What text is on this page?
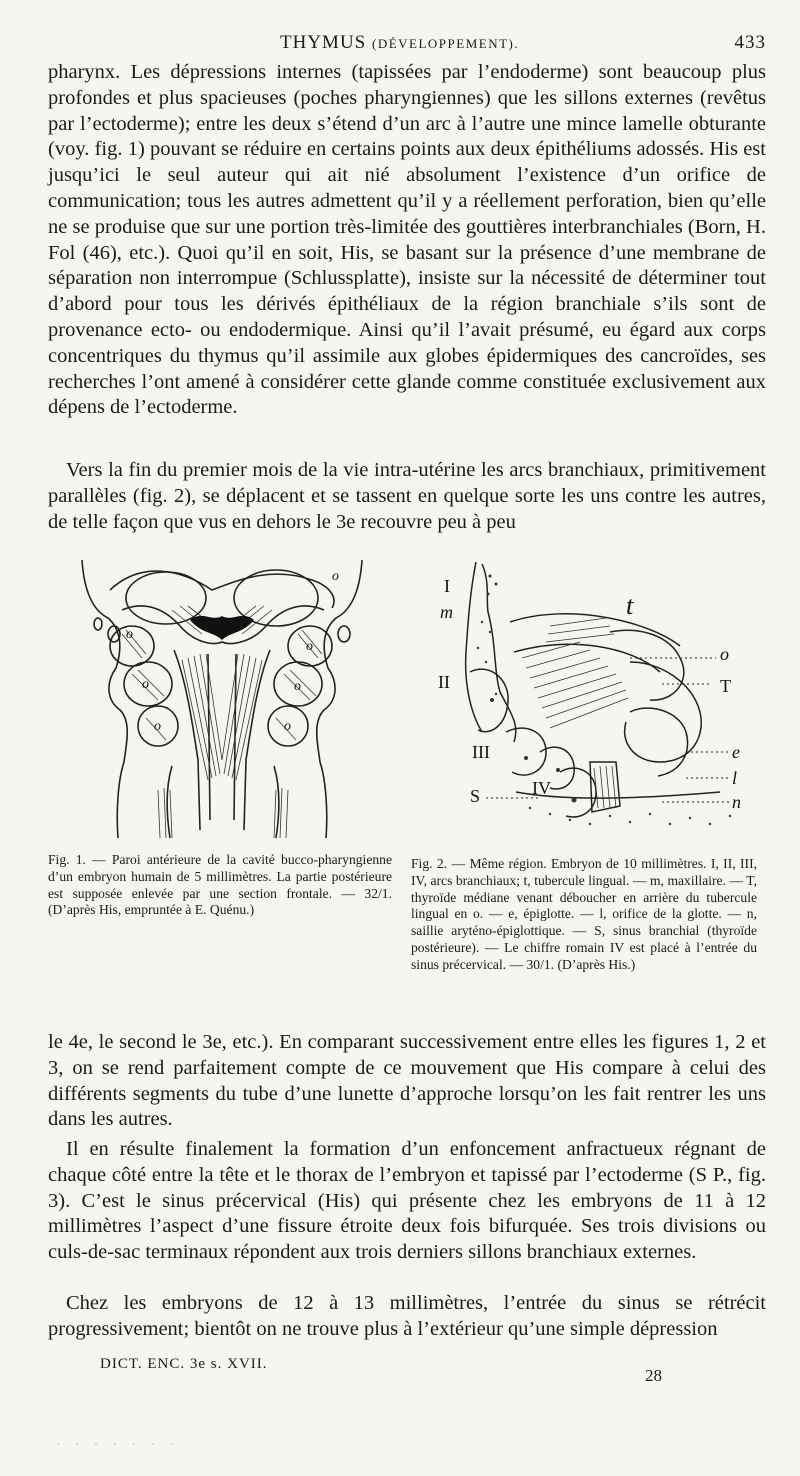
THYMUS (DÉVELOPPEMENT).	433

pharynx. Les dépressions internes (tapissées par l’endoderme) sont beaucoup plus profondes et plus spacieuses (poches pharyngiennes) que les sillons externes (revêtus par l’ectoderme); entre les deux s’étend d’un arc à l’autre une mince lamelle obturante (voy. fig. 1) pouvant se réduire en certains points aux deux épithéliums adossés. His est jusqu’ici le seul auteur qui ait nié absolument l’existence d’un orifice de communication; tous les autres admettent qu’il y a réellement perforation, bien qu’elle ne se produise que sur une portion très-limitée des gouttières interbranchiales (Born, H. Fol (46), etc.). Quoi qu’il en soit, His, se basant sur la présence d’une membrane de séparation non interrompue (Schlussplatte), insiste sur la nécessité de déterminer tout d’abord pour tous les dérivés épithéliaux de la région branchiale s’ils sont de provenance ecto- ou endodermique. Ainsi qu’il l’avait présumé, eu égard aux corps concentriques du thymus qu’il assimile aux globes épidermiques des cancroïdes, ses recherches l’ont amené à considérer cette glande comme constituée exclusivement aux dépens de l’ectoderme.

Vers la fin du premier mois de la vie intra-utérine les arcs branchiaux, primitivement parallèles (fig. 2), se déplacent et se tassent en quelque sorte les uns contre les autres, de telle façon que vus en dehors le 3e recouvre peu à peu

o
o
o	o
o	o
o	I
II
III
IV
S
T
m	t
o
e
l
n
Fig. 1. — Paroi antérieure de la cavité bucco-pharyngienne d’un embryon humain de 5 millimètres. La partie postérieure est supposée enlevée par une section frontale. — 32/1. (D’après His, empruntée à E. Quénu.)
Fig. 2. — Même région. Embryon de 10 millimètres. I, II, III, IV, arcs branchiaux; t, tubercule lingual. — m, maxillaire. — T, thyroïde médiane venant déboucher en arrière du tubercule lingual en o. — e, épiglotte. — l, orifice de la glotte. — n, saillie aryténo-épiglottique. — S, sinus branchial (thyroïde postérieure). — Le chiffre romain IV est placé à l’entrée du sinus précervical. — 30/1. (D’après His.)

le 4e, le second le 3e, etc.). En comparant successivement entre elles les figures 1, 2 et 3, on se rend parfaitement compte de ce mouvement que His compare à celui des différents segments du tube d’une lunette d’approche lorsqu’on les fait rentrer les uns dans les autres.

Il en résulte finalement la formation d’un enfoncement anfractueux régnant de chaque côté entre la tête et le thorax de l’embryon et tapissé par l’ectoderme (S P., fig. 3). C’est le sinus précervical (His) qui présente chez les embryons de 11 à 12 millimètres l’aspect d’une fissure étroite deux fois bifurquée. Ses trois divisions ou culs-de-sac terminaux répondent aux trois derniers sillons branchiaux externes.

Chez les embryons de 12 à 13 millimètres, l’entrée du sinus se rétrécit progressivement; bientôt on ne trouve plus à l’extérieur qu’une simple dépression

DICT. ENC. 3e s. XVII.
28
· · · · · · ·
